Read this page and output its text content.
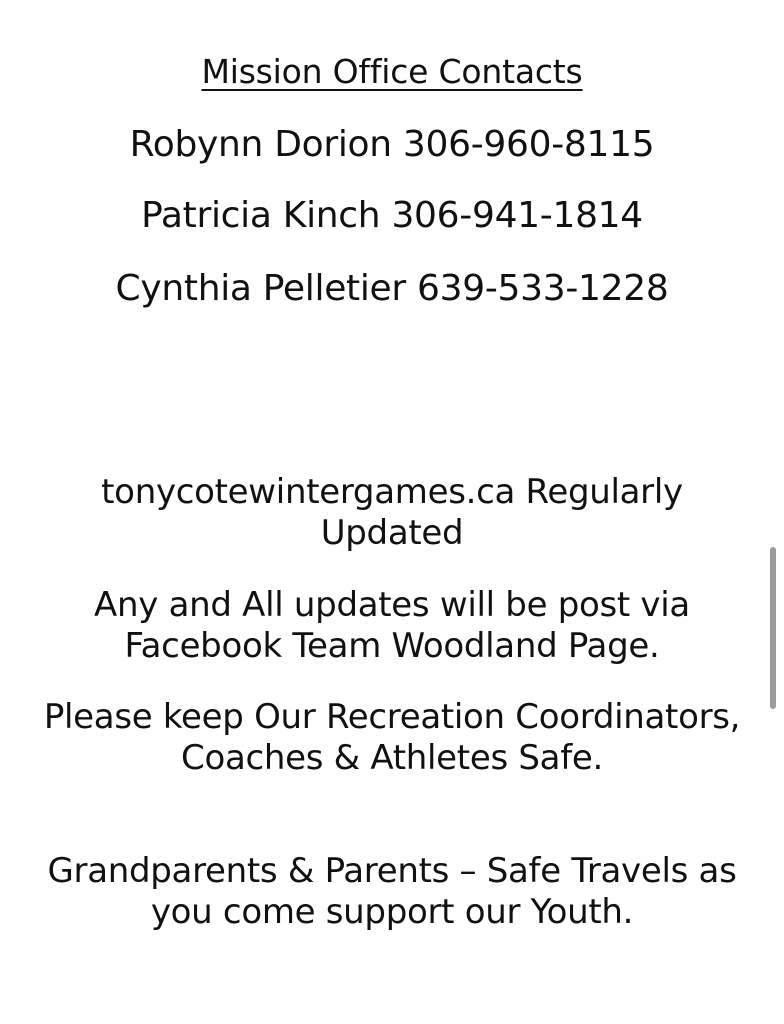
Mission Office Contacts
Robynn Dorion 306-960-8115
Patricia Kinch 306-941-1814
Cynthia Pelletier 639-533-1228
tonycotewintergames.ca Regularly Updated
Any and All updates will be post via Facebook Team Woodland Page.
Please keep Our Recreation Coordinators, Coaches & Athletes Safe.
Grandparents & Parents – Safe Travels as you come support our Youth.
